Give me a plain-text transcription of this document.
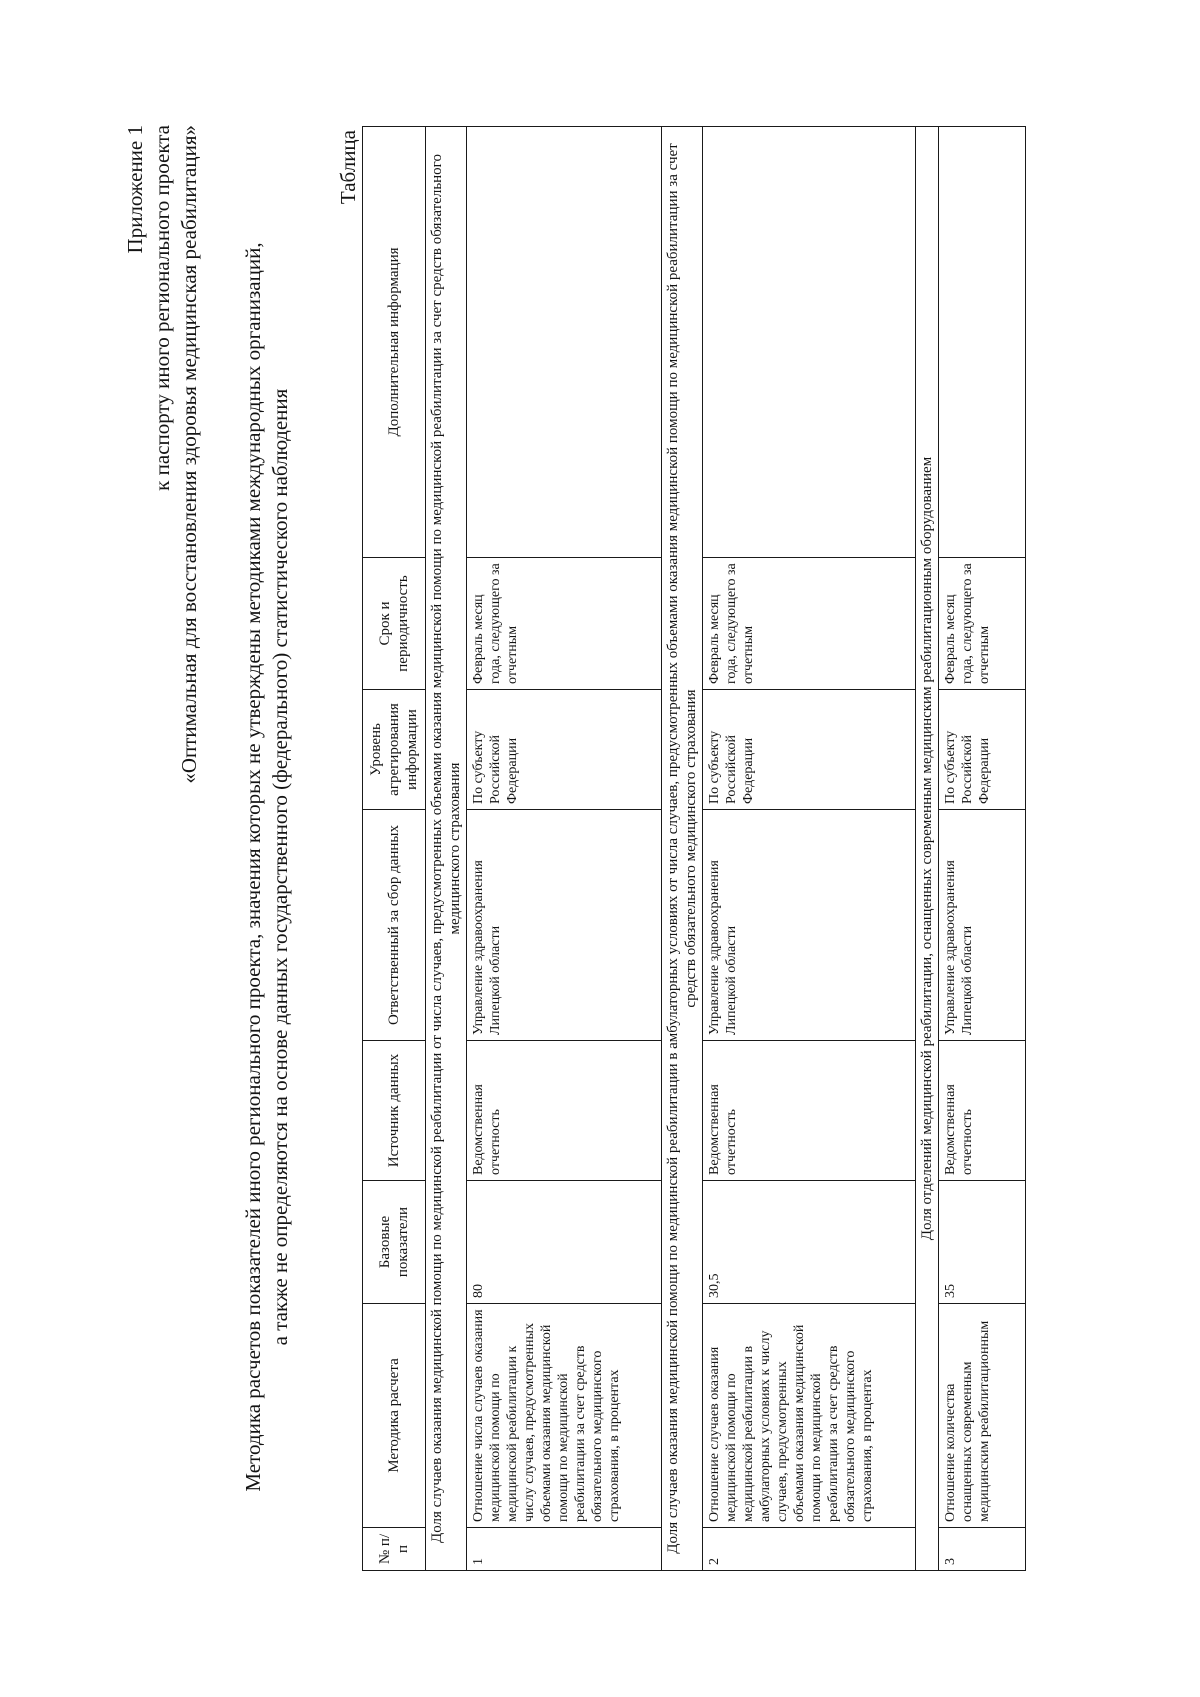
Приложение 1 к паспорту иного регионального проекта «Оптимальная для восстановления здоровья медицинская реабилитация» Методика расчетов показателей иного регионального проекта, значения которых не утверждены методиками международных организаций, а также не определяются на основе данных государственного (федерального) статистического наблюдения
Таблица
№ п/п	Методика расчета	Базовые показатели	Источник данных	Ответственный за сбор данных	Уровень агрегирования информации	Срок и периодичность	Дополнительная информация
Доля случаев оказания медицинской помощи по медицинской реабилитации от числа случаев, предусмотренных объемами оказания медицинской помощи по медицинской реабилитации за счет средств обязательного медицинского страхования							
1	Отношение числа случаев оказания медицинской помощи по медицинской реабилитации к числу случаев, предусмотренных объемами оказания медицинской помощи по медицинской реабилитации за счет средств обязательного медицинского страхования, в процентах	80	Ведомственная отчетность	Управление здравоохранения Липецкой области	По субъекту Российской Федерации	Февраль месяц года, следующего за отчетным	
Доля случаев оказания медицинской помощи по медицинской реабилитации в амбулаторных условиях от числа случаев, предусмотренных объемами оказания медицинской помощи по медицинской реабилитации за счет средств обязательного медицинского страхования							
2	Отношение случаев оказания медицинской помощи по медицинской реабилитации в амбулаторных условиях к числу случаев, предусмотренных объемами оказания медицинской помощи по медицинской реабилитации за счет средств обязательного медицинского страхования, в процентах	30,5	Ведомственная отчетность	Управление здравоохранения Липецкой области	По субъекту Российской Федерации	Февраль месяц года, следующего за отчетным	
Доля отделений медицинской реабилитации, оснащенных современным медицинским реабилитационным оборудованием							
3	Отношение количества оснащенных современным медицинским реабилитационным	35	Ведомственная отчетность	Управление здравоохранения Липецкой области	По субъекту Российской Федерации	Февраль месяц года, следующего за отчетным	
